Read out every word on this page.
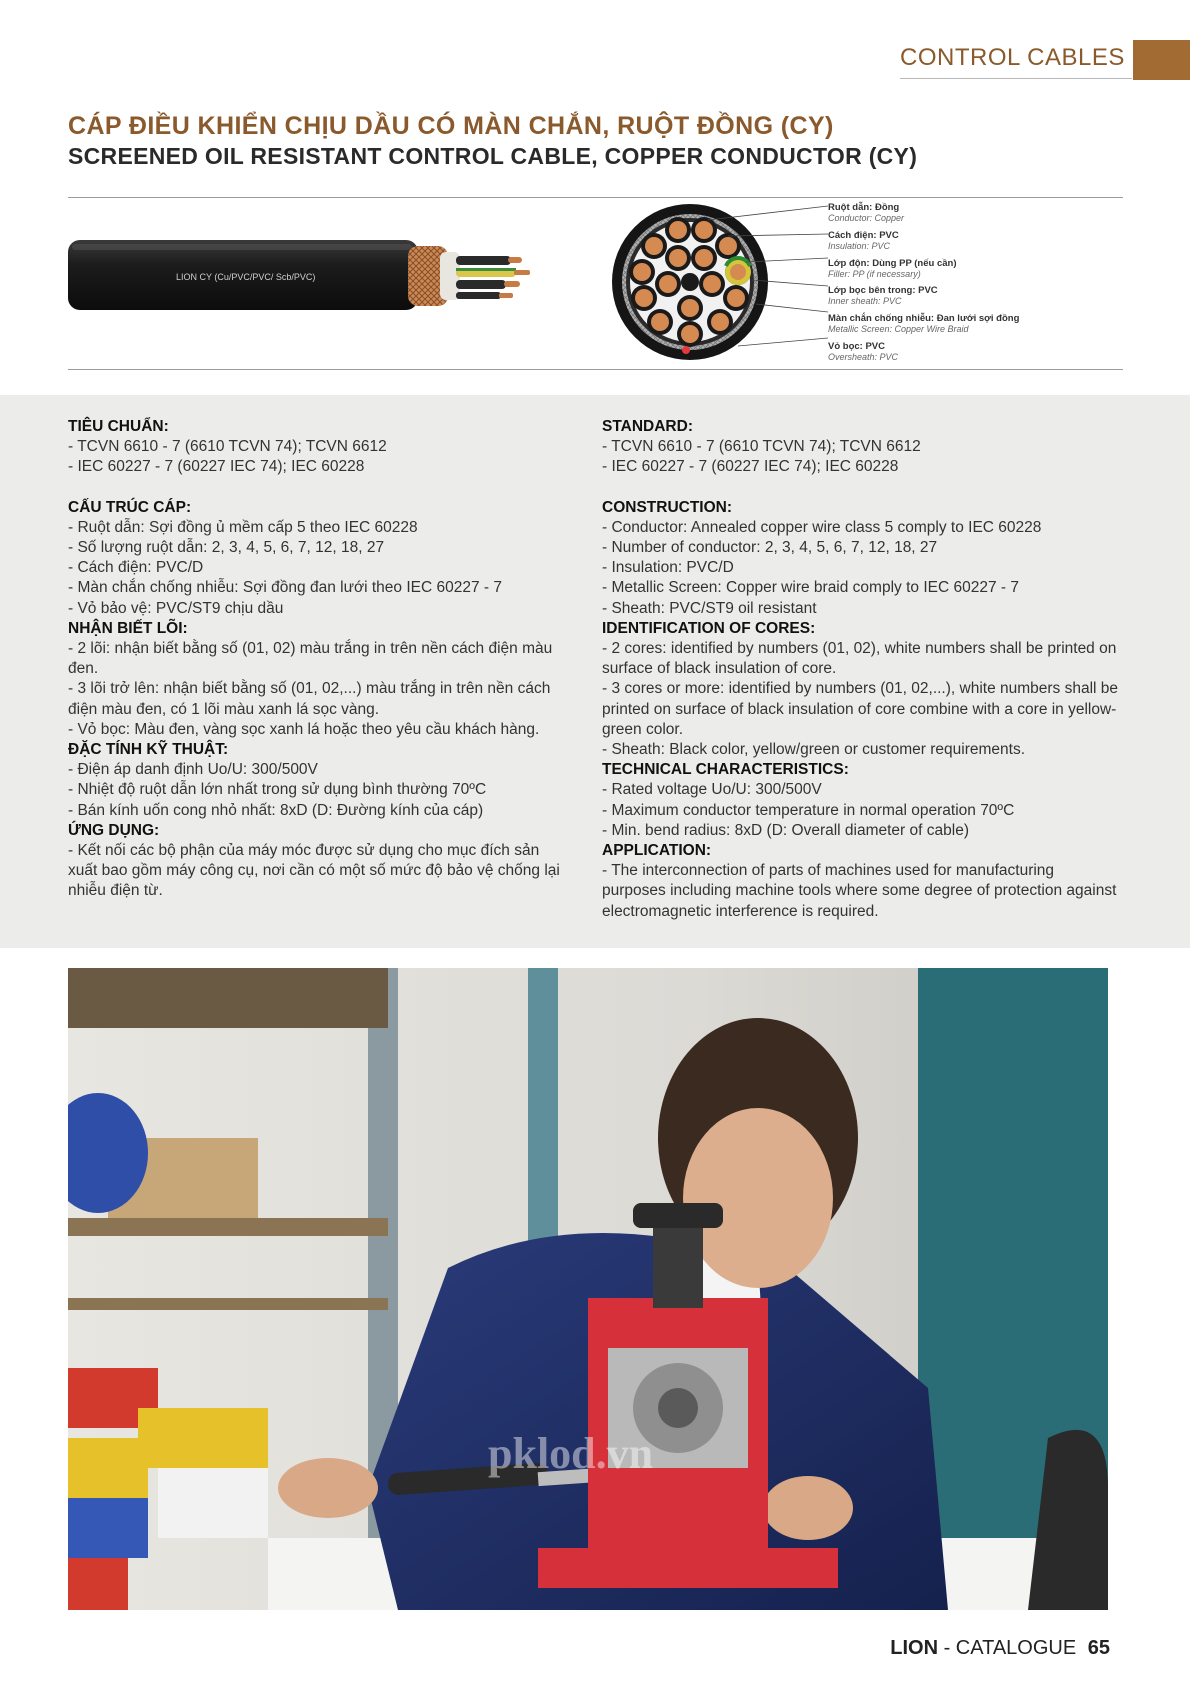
CONTROL CABLES
CÁP ĐIỀU KHIỂN CHỊU DẦU CÓ MÀN CHẮN, RUỘT ĐỒNG (CY)
SCREENED OIL RESISTANT CONTROL CABLE, COPPER CONDUCTOR (CY)
LION CY (Cu/PVC/PVC/ Scb/PVC)
Ruột dẫn: Đồng
Conductor: Copper
Cách điện: PVC
Insulation: PVC
Lớp độn: Dùng PP (nếu cần)
Filler: PP (if necessary)
Lớp bọc bên trong: PVC
Inner sheath: PVC
Màn chắn chống nhiễu: Đan lưới sợi đồng
Metallic Screen: Copper Wire Braid
Vỏ bọc: PVC
Oversheath: PVC

TIÊU CHUẨN:

- TCVN 6610 - 7 (6610 TCVN 74); TCVN 6612

- IEC 60227 - 7 (60227 IEC 74); IEC 60228

CẤU TRÚC CÁP:

- Ruột dẫn: Sợi đồng ủ mềm cấp 5 theo IEC 60228

- Số lượng ruột dẫn: 2, 3, 4, 5, 6, 7, 12, 18, 27

- Cách điện: PVC/D

- Màn chắn chống nhiễu: Sợi đồng đan lưới theo IEC 60227 - 7

- Vỏ bảo vệ: PVC/ST9 chịu dầu

NHẬN BIẾT LÕI:

- 2 lõi: nhận biết bằng số (01, 02) màu trắng in trên nền cách điện màu đen.

- 3 lõi trở lên: nhận biết bằng số (01, 02,...) màu trắng in trên nền cách điện màu đen, có 1 lõi màu xanh lá sọc vàng.

- Vỏ bọc: Màu đen, vàng sọc xanh lá hoặc theo yêu cầu khách hàng.

ĐẶC TÍNH KỸ THUẬT:

- Điện áp danh định Uo/U: 300/500V

- Nhiệt độ ruột dẫn lớn nhất trong sử dụng bình thường 70ºC

- Bán kính uốn cong nhỏ nhất: 8xD (D: Đường kính của cáp)

ỨNG DỤNG:

- Kết nối các bộ phận của máy móc được sử dụng cho mục đích sản xuất bao gồm máy công cụ, nơi cần có một số mức độ bảo vệ chống lại nhiễu điện từ.

STANDARD:

- TCVN 6610 - 7 (6610 TCVN 74); TCVN 6612

- IEC 60227 - 7 (60227 IEC 74); IEC 60228

CONSTRUCTION:

- Conductor: Annealed copper wire class 5 comply to IEC 60228

- Number of conductor: 2, 3, 4, 5, 6, 7, 12, 18, 27

- Insulation: PVC/D

- Metallic Screen: Copper wire braid comply to IEC 60227 - 7

- Sheath: PVC/ST9 oil resistant

IDENTIFICATION OF CORES:

- 2 cores: identified by numbers (01, 02), white numbers shall be printed on surface of black insulation of core.

- 3 cores or more: identified by numbers (01, 02,...), white numbers shall be printed on surface of black insulation of core combine with a core in yellow-green color.

- Sheath: Black color, yellow/green or customer requirements.

TECHNICAL CHARACTERISTICS:

- Rated voltage Uo/U: 300/500V

- Maximum conductor temperature in normal operation 70ºC

- Min. bend radius: 8xD (D: Overall diameter of cable)

APPLICATION:

- The interconnection of parts of machines used for manufacturing purposes including machine tools where some degree of protection against electromagnetic interference is required.

pklod.vn
LION - CATALOGUE 65
